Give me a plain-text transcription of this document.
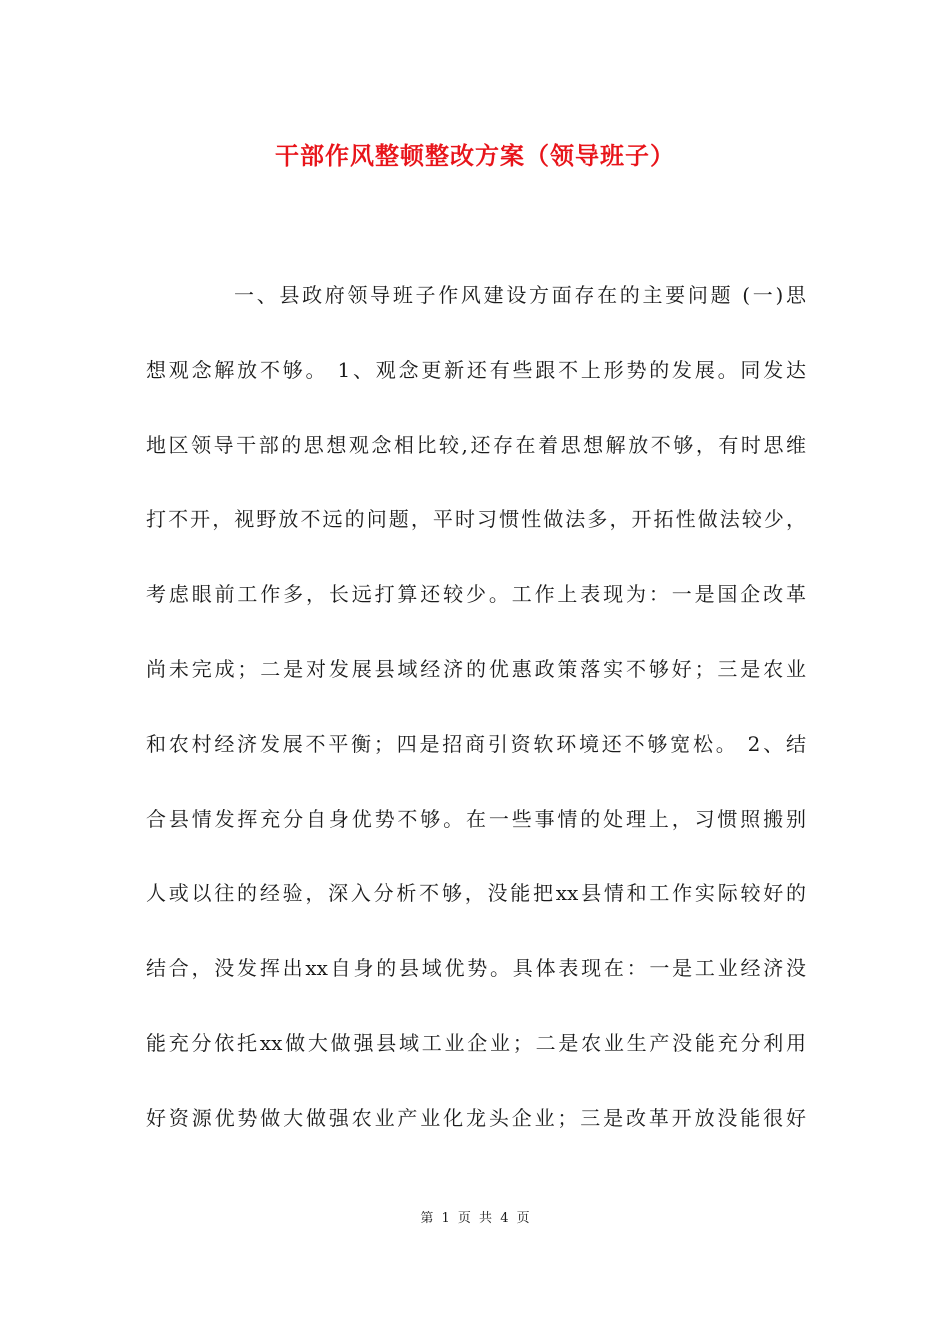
干部作风整顿整改方案（领导班子）
一、县政府领导班子作风建设方面存在的主要问题 (一)思
想观念解放不够。 1、观念更新还有些跟不上形势的发展。同发达
地区领导干部的思想观念相比较,还存在着思想解放不够，有时思维
打不开，视野放不远的问题，平时习惯性做法多，开拓性做法较少，
考虑眼前工作多，长远打算还较少。工作上表现为：一是国企改革
尚未完成；二是对发展县域经济的优惠政策落实不够好；三是农业
和农村经济发展不平衡；四是招商引资软环境还不够宽松。 2、结
合县情发挥充分自身优势不够。在一些事情的处理上，习惯照搬别
人或以往的经验，深入分析不够，没能把xx县情和工作实际较好的
结合，没发挥出xx自身的县域优势。具体表现在：一是工业经济没
能充分依托xx做大做强县域工业企业；二是农业生产没能充分利用
好资源优势做大做强农业产业化龙头企业；三是改革开放没能很好
第 1 页 共 4 页
